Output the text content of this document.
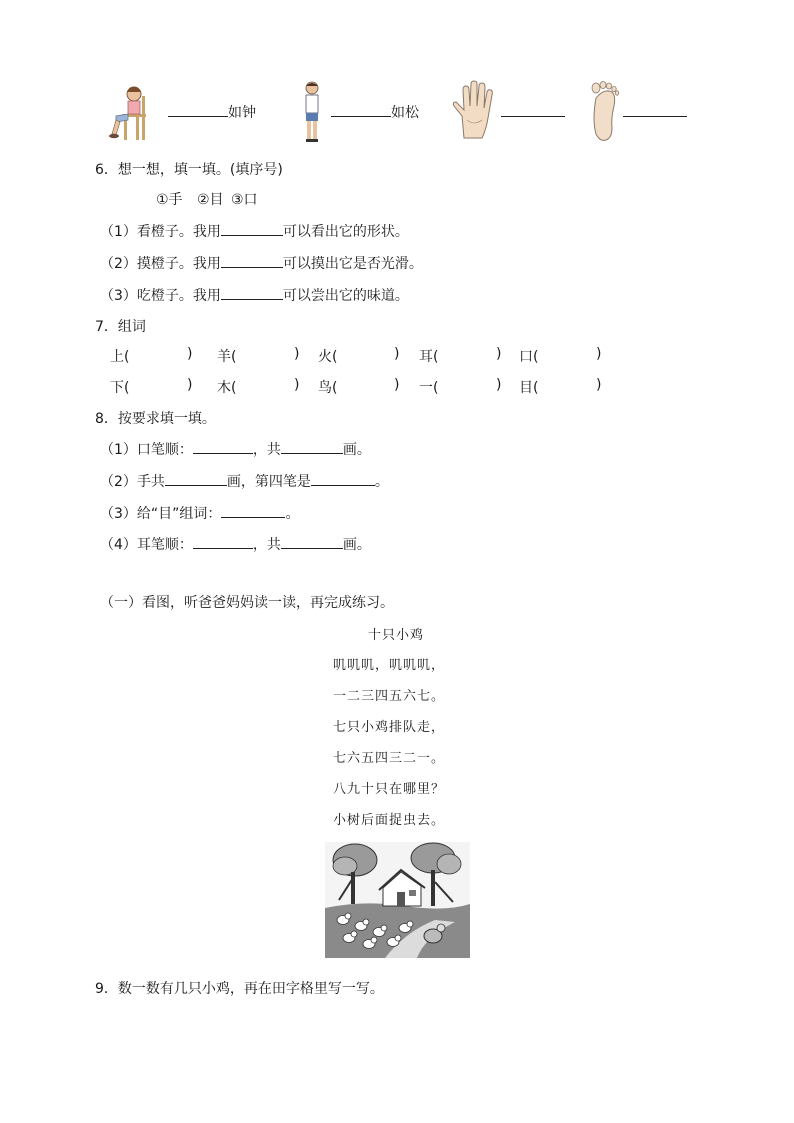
如钟	如松
6．想一想，填一填。(填序号)
①手 ②目 ③口
（1）看橙子。我用	可以看出它的形状。
（2）摸橙子。我用	可以摸出它是否光滑。
（3）吃橙子。我用	可以尝出它的味道。
7．组词
上(	) 羊(	) 火(	) 耳(	) 口(	)
下(	) 木(	) 鸟(	) 一(	) 目(	)
8．按要求填一填。
（1）口笔顺：	，共	画。
（2）手共	画，第四笔是	。
（3）给“目”组词：	。
（4）耳笔顺：	，共	画。
（一）看图，听爸爸妈妈读一读，再完成练习。
十只小鸡
叽叽叽，叽叽叽，
一二三四五六七。
七只小鸡排队走，
七六五四三二一。
八九十只在哪里？
小树后面捉虫去。
9．数一数有几只小鸡，再在田字格里写一写。
